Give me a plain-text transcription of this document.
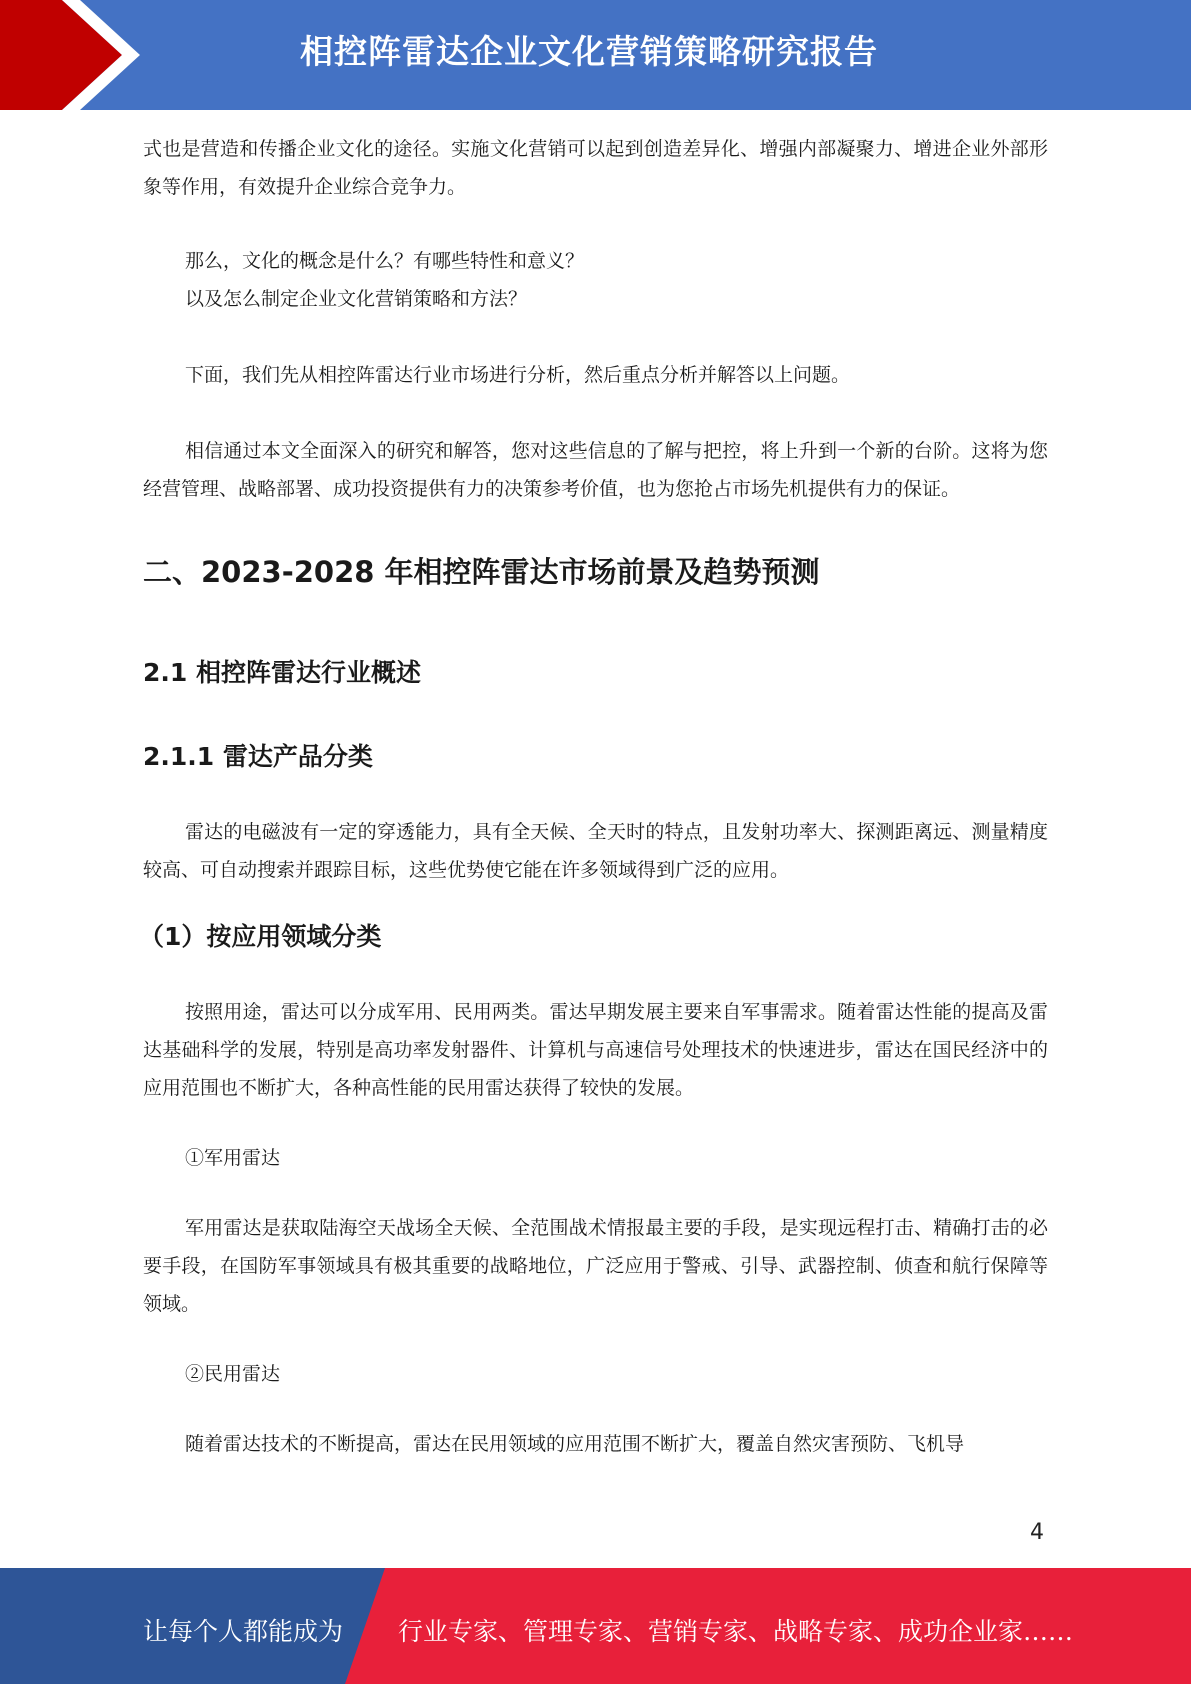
相控阵雷达企业文化营销策略研究报告

式也是营造和传播企业文化的途径。实施文化营销可以起到创造差异化、增强内部凝聚力、增进企业外部形象等作用，有效提升企业综合竞争力。

那么，文化的概念是什么？有哪些特性和意义？

以及怎么制定企业文化营销策略和方法？

下面，我们先从相控阵雷达行业市场进行分析，然后重点分析并解答以上问题。

相信通过本文全面深入的研究和解答，您对这些信息的了解与把控，将上升到一个新的台阶。这将为您经营管理、战略部署、成功投资提供有力的决策参考价值，也为您抢占市场先机提供有力的保证。

二、2023-2028 年相控阵雷达市场前景及趋势预测
2.1 相控阵雷达行业概述
2.1.1 雷达产品分类

雷达的电磁波有一定的穿透能力，具有全天候、全天时的特点，且发射功率大、探测距离远、测量精度较高、可自动搜索并跟踪目标，这些优势使它能在许多领域得到广泛的应用。

（1）按应用领域分类

按照用途，雷达可以分成军用、民用两类。雷达早期发展主要来自军事需求。随着雷达性能的提高及雷达基础科学的发展，特别是高功率发射器件、计算机与高速信号处理技术的快速进步，雷达在国民经济中的应用范围也不断扩大，各种高性能的民用雷达获得了较快的发展。

①军用雷达

军用雷达是获取陆海空天战场全天候、全范围战术情报最主要的手段，是实现远程打击、精确打击的必要手段，在国防军事领域具有极其重要的战略地位，广泛应用于警戒、引导、武器控制、侦查和航行保障等领域。

②民用雷达

随着雷达技术的不断提高，雷达在民用领域的应用范围不断扩大，覆盖自然灾害预防、飞机导

4
让每个人都能成为 行业专家、管理专家、营销专家、战略专家、成功企业家……
